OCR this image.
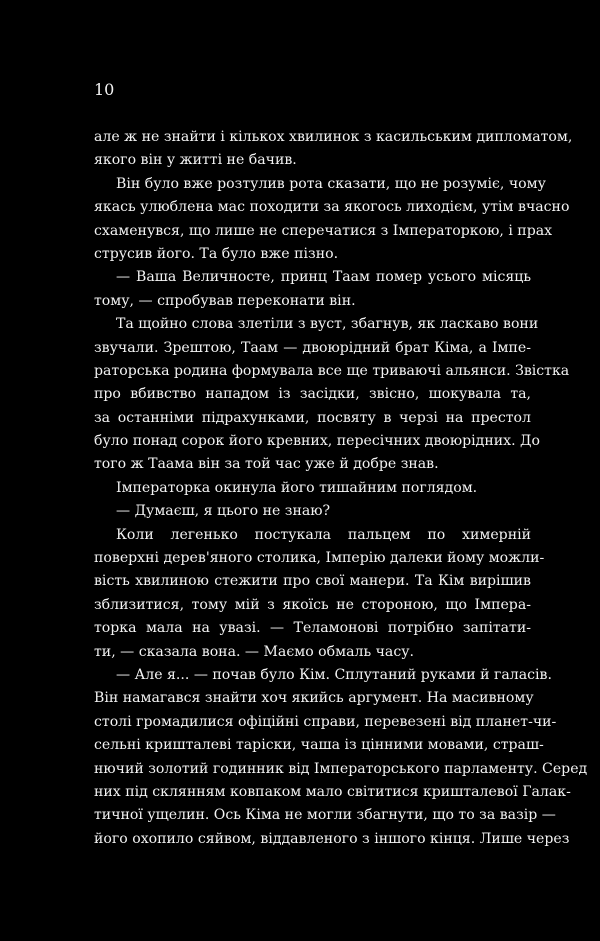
10
але ж не знайти і кількох хвилинок з касильським дипломатом,
якого він у житті не бачив.
Він було вже розтулив рота сказати, що не розуміє, чому
якась улюблена мас походити за якогось лиходієм, утім вчасно
схаменувся, що лише не сперечатися з Імператоркою, і прах
струсив його. Та було вже пізно.
— Ваша Величносте, принц Таам помер усього місяць
тому, — спробував переконати він.
Та щойно слова злетіли з вуст, збагнув, як ласкаво вони
звучали. Зрештою, Таам — двоюрідний брат Кіма, а Імпе-
раторська родина формувала все ще триваючі альянси. Звістка
про вбивство нападом із засідки, звісно, шокувала та,
за останніми підрахунками, посвяту в черзі на престол
було понад сорок його кревних, пересічних двоюрідних. До
того ж Таама він за той час уже й добре знав.
Імператорка окинула його тишайним поглядом.
— Думаєш, я цього не знаю?
Коли легенько постукала пальцем по химерній
поверхні дерев'яного столика, Імперію далеки йому можли-
вість хвилиною стежити про свої манери. Та Кім вирішив
зблизитися, тому мій з якоїсь не стороною, що Імпера-
торка мала на увазі. — Теламонові потрібно запітати-
ти, — сказала вона. — Маємо обмаль часу.
— Але я... — почав було Кім. Сплутаний руками й галасів.
Він намагався знайти хоч якийсь аргумент. На масивному
столі громадилися офіційні справи, перевезені від планет-чи-
сельні кришталеві таріски, чаша із цінними мовами, страш-
нючий золотий годинник від Імператорського парламенту. Серед
них під склянням ковпаком мало світитися кришталевої Галак-
тичної ущелин. Ось Кіма не могли збагнути, що то за вазір —
його охопило сяйвом, віддавленого з іншого кінця. Лише через
